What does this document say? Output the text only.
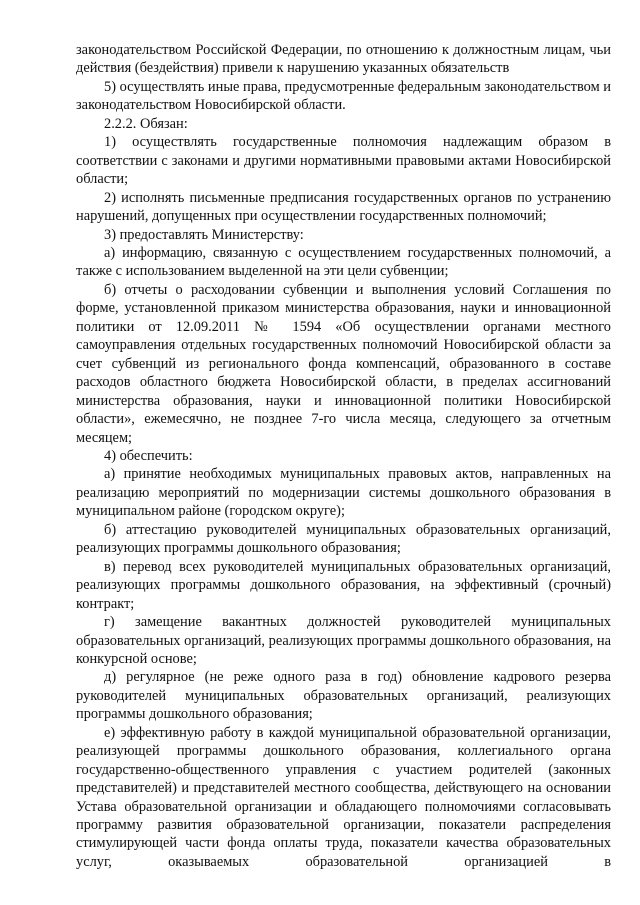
законодательством Российской Федерации, по отношению к должностным лицам, чьи действия (бездействия) привели к нарушению указанных обязательств

5) осуществлять иные права, предусмотренные федеральным законодательством и законодательством Новосибирской области.

2.2.2. Обязан:

1) осуществлять государственные полномочия надлежащим образом в соответствии с законами и другими нормативными правовыми актами Новосибирской области;

2) исполнять письменные предписания государственных органов по устранению нарушений, допущенных при осуществлении государственных полномочий;

3) предоставлять Министерству:

а) информацию, связанную с осуществлением государственных полномочий, а также с использованием выделенной на эти цели субвенции;

б) отчеты о расходовании субвенции и выполнения условий Соглашения по форме, установленной приказом министерства образования, науки и инновационной политики от 12.09.2011 № 1594 «Об осуществлении органами местного самоуправления отдельных государственных полномочий Новосибирской области за счет субвенций из регионального фонда компенсаций, образованного в составе расходов областного бюджета Новосибирской области, в пределах ассигнований министерства образования, науки и инновационной политики Новосибирской области», ежемесячно, не позднее 7-го числа месяца, следующего за отчетным месяцем;

4) обеспечить:

а) принятие необходимых муниципальных правовых актов, направленных на реализацию мероприятий по модернизации системы дошкольного образования в муниципальном районе (городском округе);

б) аттестацию руководителей муниципальных образовательных организаций, реализующих программы дошкольного образования;

в) перевод всех руководителей муниципальных образовательных организаций, реализующих программы дошкольного образования, на эффективный (срочный) контракт;

г) замещение вакантных должностей руководителей муниципальных образовательных организаций, реализующих программы дошкольного образования, на конкурсной основе;

д) регулярное (не реже одного раза в год) обновление кадрового резерва руководителей муниципальных образовательных организаций, реализующих программы дошкольного образования;

е) эффективную работу в каждой муниципальной образовательной организации, реализующей программы дошкольного образования, коллегиального органа государственно-общественного управления с участием родителей (законных представителей) и представителей местного сообщества, действующего на основании Устава образовательной организации и обладающего полномочиями согласовывать программу развития образовательной организации, показатели распределения стимулирующей части фонда оплаты труда, показатели качества образовательных услуг, оказываемых образовательной организацией в
